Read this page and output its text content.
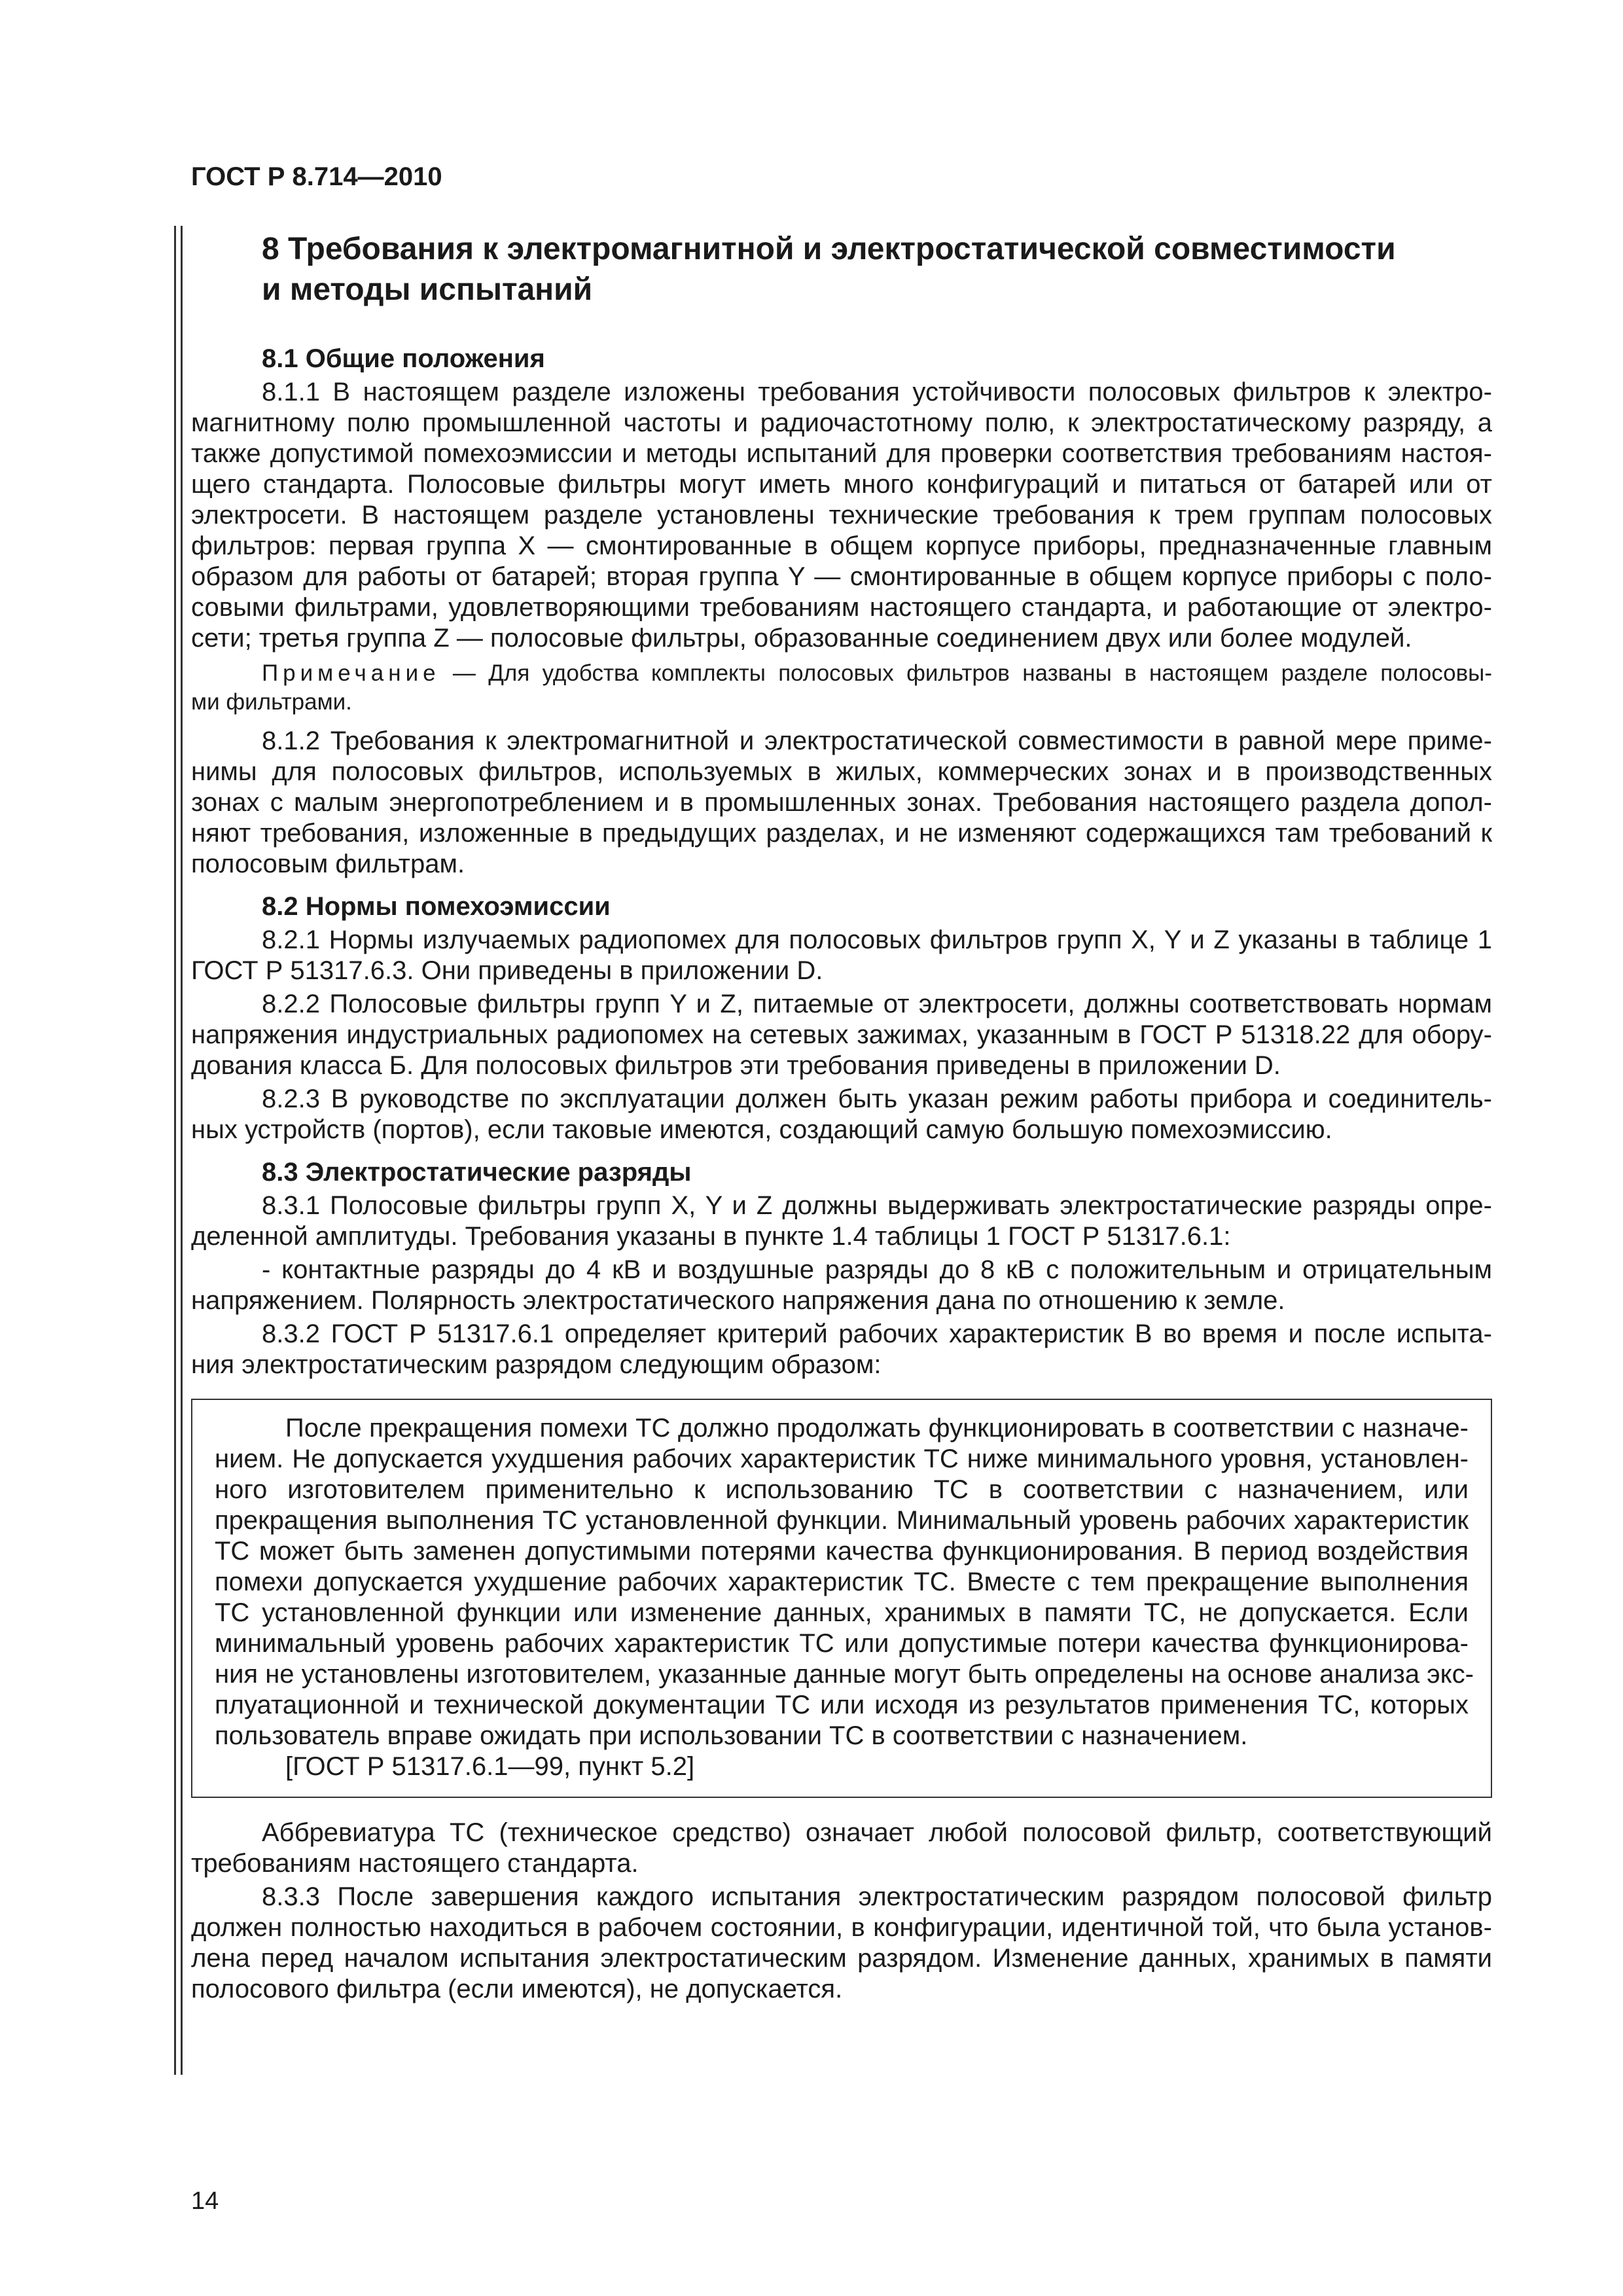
ГОСТ Р 8.714—2010
8 Требования к электромагнитной и электростатической совместимости
и методы испытаний
8.1 Общие положения
8.1.1 В настоящем разделе изложены требования устойчивости полосовых фильтров к электро-
магнитному полю промышленной частоты и радиочастотному полю, к электростатическому разряду, а
также допустимой помехоэмиссии и методы испытаний для проверки соответствия требованиям настоя-
щего стандарта. Полосовые фильтры могут иметь много конфигураций и питаться от батарей или от
электросети. В настоящем разделе установлены технические требования к трем группам полосовых
фильтров: первая группа X — смонтированные в общем корпусе приборы, предназначенные главным
образом для работы от батарей; вторая группа Y — смонтированные в общем корпусе приборы с поло-
совыми фильтрами, удовлетворяющими требованиям настоящего стандарта, и работающие от электро-
сети; третья группа Z — полосовые фильтры, образованные соединением двух или более модулей.
Примечание — Для удобства комплекты полосовых фильтров названы в настоящем разделе полосовы-
ми фильтрами.
8.1.2 Требования к электромагнитной и электростатической совместимости в равной мере приме-
нимы для полосовых фильтров, используемых в жилых, коммерческих зонах и в производственных
зонах с малым энергопотреблением и в промышленных зонах. Требования настоящего раздела допол-
няют требования, изложенные в предыдущих разделах, и не изменяют содержащихся там требований к
полосовым фильтрам.
8.2 Нормы помехоэмиссии
8.2.1 Нормы излучаемых радиопомех для полосовых фильтров групп X, Y и Z указаны в таблице 1
ГОСТ Р 51317.6.3. Они приведены в приложении D.
8.2.2 Полосовые фильтры групп Y и Z, питаемые от электросети, должны соответствовать нормам
напряжения индустриальных радиопомех на сетевых зажимах, указанным в ГОСТ Р 51318.22 для обору-
дования класса Б. Для полосовых фильтров эти требования приведены в приложении D.
8.2.3 В руководстве по эксплуатации должен быть указан режим работы прибора и соединитель-
ных устройств (портов), если таковые имеются, создающий самую большую помехоэмиссию.
8.3 Электростатические разряды
8.3.1 Полосовые фильтры групп X, Y и Z должны выдерживать электростатические разряды опре-
деленной амплитуды. Требования указаны в пункте 1.4 таблицы 1 ГОСТ Р 51317.6.1:
- контактные разряды до 4 кВ и воздушные разряды до 8 кВ с положительным и отрицательным
напряжением. Полярность электростатического напряжения дана по отношению к земле.
8.3.2 ГОСТ Р 51317.6.1 определяет критерий рабочих характеристик B во время и после испыта-
ния электростатическим разрядом следующим образом:
После прекращения помехи ТС должно продолжать функционировать в соответствии с назначе-
нием. Не допускается ухудшения рабочих характеристик ТС ниже минимального уровня, установлен-
ного изготовителем применительно к использованию ТС в соответствии с назначением, или
прекращения выполнения ТС установленной функции. Минимальный уровень рабочих характеристик
ТС может быть заменен допустимыми потерями качества функционирования. В период воздействия
помехи допускается ухудшение рабочих характеристик ТС. Вместе с тем прекращение выполнения
ТС установленной функции или изменение данных, хранимых в памяти ТС, не допускается. Если
минимальный уровень рабочих характеристик ТС или допустимые потери качества функционирова-
ния не установлены изготовителем, указанные данные могут быть определены на основе анализа экс-
плуатационной и технической документации ТС или исходя из результатов применения ТС, которых
пользователь вправе ожидать при использовании ТС в соответствии с назначением.
[ГОСТ Р 51317.6.1—99, пункт 5.2]
Аббревиатура ТС (техническое средство) означает любой полосовой фильтр, соответствующий
требованиям настоящего стандарта.
8.3.3 После завершения каждого испытания электростатическим разрядом полосовой фильтр
должен полностью находиться в рабочем состоянии, в конфигурации, идентичной той, что была установ-
лена перед началом испытания электростатическим разрядом. Изменение данных, хранимых в памяти
полосового фильтра (если имеются), не допускается.
14
